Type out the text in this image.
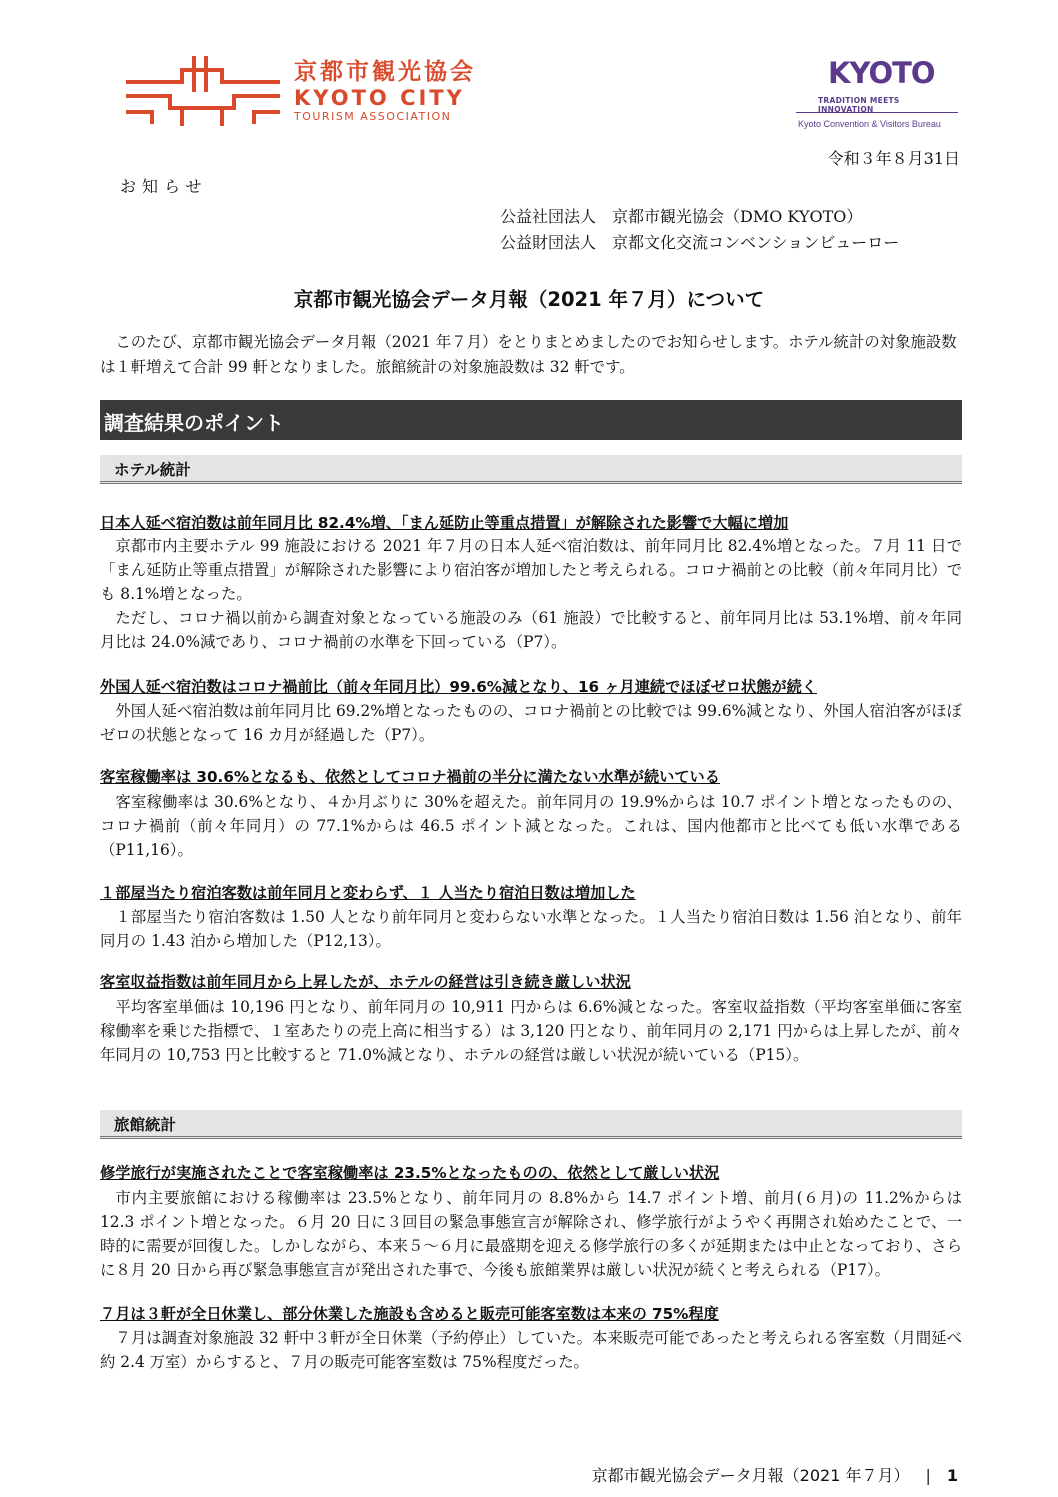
京都市観光協会
KYOTO CITY
TOURISM ASSOCIATION
KYOTO
TRADITION MEETS INNOVATION
Kyoto Convention & Visitors Bureau
令和３年８月31日
お知らせ
公益社団法人　京都市観光協会（DMO KYOTO）
公益財団法人　京都文化交流コンベンションビューロー
京都市観光協会データ月報（2021 年７月）について
このたび、京都市観光協会データ月報（2021 年７月）をとりまとめましたのでお知らせします。ホテル統計の対象施設数は１軒増えて合計 99 軒となりました。旅館統計の対象施設数は 32 軒です。
調査結果のポイント
ホテル統計
日本人延べ宿泊数は前年同月比 82.4%増、「まん延防止等重点措置」が解除された影響で大幅に増加

京都市内主要ホテル 99 施設における 2021 年７月の日本人延べ宿泊数は、前年同月比 82.4%増となった。７月 11 日で「まん延防止等重点措置」が解除された影響により宿泊客が増加したと考えられる。コロナ禍前との比較（前々年同月比）でも 8.1%増となった。

ただし、コロナ禍以前から調査対象となっている施設のみ（61 施設）で比較すると、前年同月比は 53.1%増、前々年同月比は 24.0%減であり、コロナ禍前の水準を下回っている（P7）。

外国人延べ宿泊数はコロナ禍前比（前々年同月比）99.6%減となり、16 ヶ月連続でほぼゼロ状態が続く

外国人延べ宿泊数は前年同月比 69.2%増となったものの、コロナ禍前との比較では 99.6%減となり、外国人宿泊客がほぼゼロの状態となって 16 カ月が経過した（P7）。

客室稼働率は 30.6%となるも、依然としてコロナ禍前の半分に満たない水準が続いている

客室稼働率は 30.6%となり、４か月ぶりに 30%を超えた。前年同月の 19.9%からは 10.7 ポイント増となったものの、コロナ禍前（前々年同月）の 77.1%からは 46.5 ポイント減となった。これは、国内他都市と比べても低い水準である（P11,16）。

１部屋当たり宿泊客数は前年同月と変わらず、１ 人当たり宿泊日数は増加した

１部屋当たり宿泊客数は 1.50 人となり前年同月と変わらない水準となった。１人当たり宿泊日数は 1.56 泊となり、前年同月の 1.43 泊から増加した（P12,13）。

客室収益指数は前年同月から上昇したが、ホテルの経営は引き続き厳しい状況

平均客室単価は 10,196 円となり、前年同月の 10,911 円からは 6.6%減となった。客室収益指数（平均客室単価に客室稼働率を乗じた指標で、１室あたりの売上高に相当する）は 3,120 円となり、前年同月の 2,171 円からは上昇したが、前々年同月の 10,753 円と比較すると 71.0%減となり、ホテルの経営は厳しい状況が続いている（P15）。

旅館統計
修学旅行が実施されたことで客室稼働率は 23.5%となったものの、依然として厳しい状況

市内主要旅館における稼働率は 23.5%となり、前年同月の 8.8%から 14.7 ポイント増、前月(６月)の 11.2%からは 12.3 ポイント増となった。６月 20 日に３回目の緊急事態宣言が解除され、修学旅行がようやく再開され始めたことで、一時的に需要が回復した。しかしながら、本来５～６月に最盛期を迎える修学旅行の多くが延期または中止となっており、さらに８月 20 日から再び緊急事態宣言が発出された事で、今後も旅館業界は厳しい状況が続くと考えられる（P17）。

７月は３軒が全日休業し、部分休業した施設も含めると販売可能客室数は本来の 75%程度

７月は調査対象施設 32 軒中３軒が全日休業（予約停止）していた。本来販売可能であったと考えられる客室数（月間延べ約 2.4 万室）からすると、７月の販売可能客室数は 75%程度だった。

京都市観光協会データ月報（2021 年７月） | 1
